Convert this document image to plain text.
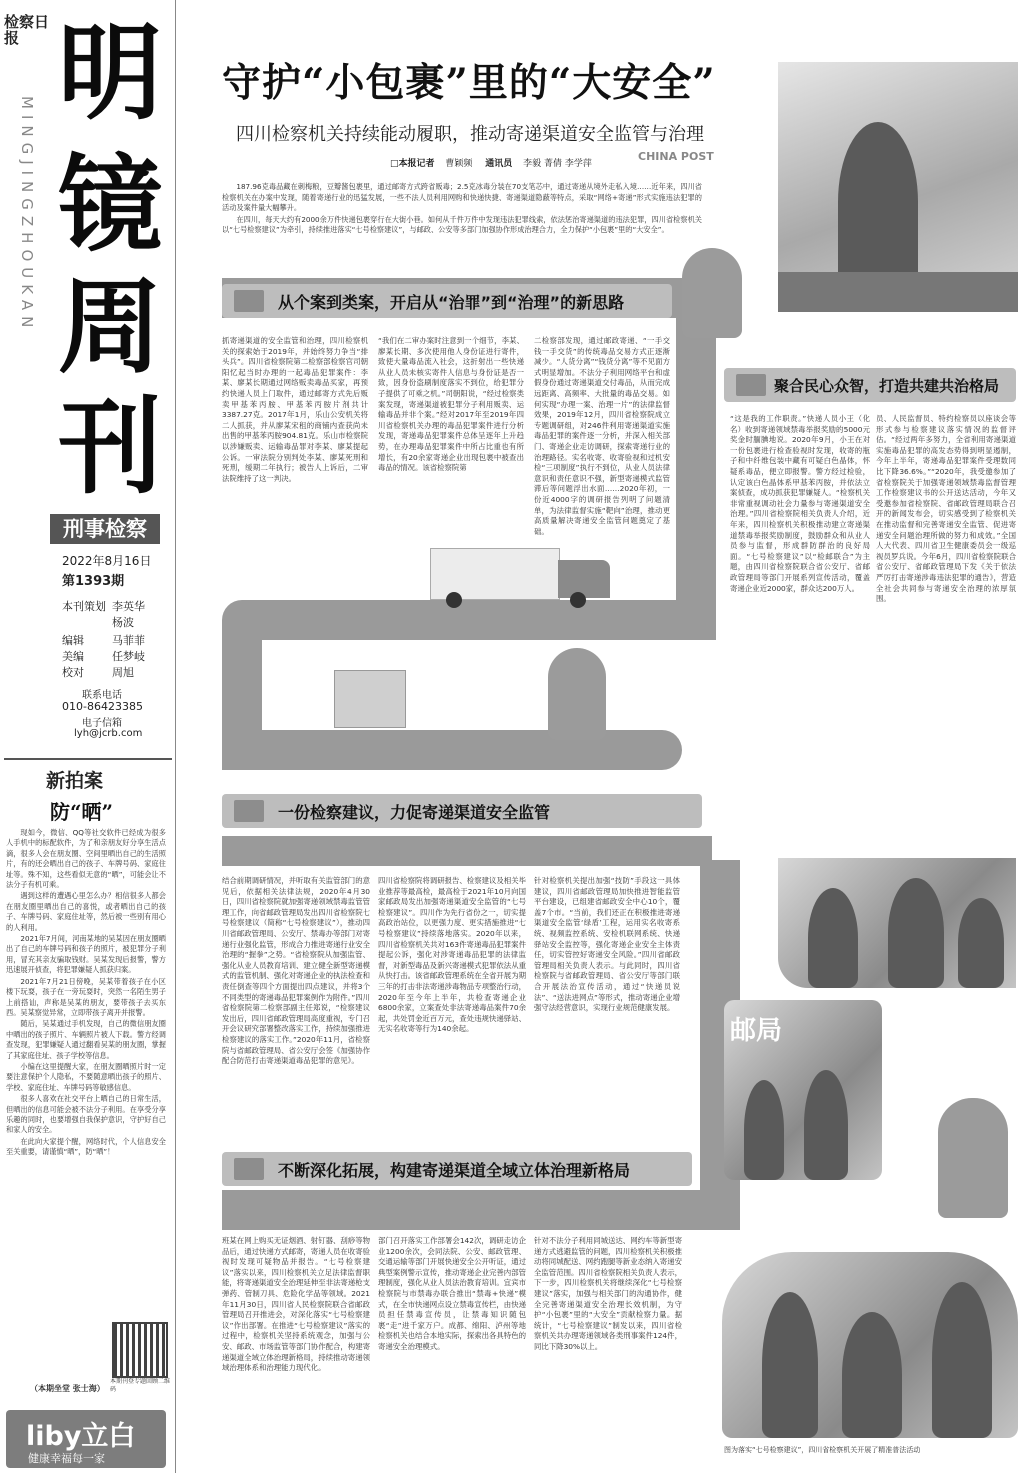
检察日报 明
镜
周
刊
MINGJINGZHOUKAN
刑事检察
2022年8月16日
第1393期
本刊策划 李英华
杨波
编辑	马菲菲
美编	任梦岐
校对	周旭
联系电话
010-86423385
电子信箱
lyh@jcrb.com
新拍案
防“晒”

现如今，微信、QQ等社交软件已经成为很多人手机中的标配软件，为了和亲朋友好分享生活点滴，很多人会在朋友圈、空间里晒出自己的生活照片，有的还会晒出自己的孩子、车牌号码、家庭住址等。殊不知，这些看似无意的“晒”，可能会让不法分子有机可乘。

遇到这样的遭遇心里怎么办？相信很多人都会在朋友圈里晒出自己的喜悦，或者晒出自己的孩子、车牌号码、家庭住址等，然后被一些别有用心的人利用。

2021年7月间，河南某地的吴某因在朋友圈晒出了自己的车牌号码和孩子的照片，被犯罪分子利用，冒充其亲友骗取钱财。吴某发现后报警，警方迅速展开侦查，将犯罪嫌疑人抓获归案。

2021年7月21日傍晚，吴某带着孩子在小区楼下玩耍，孩子在一旁玩耍时，突然一名陌生男子上前搭讪，声称是吴某的朋友，要带孩子去买东西。吴某察觉异常，立即带孩子离开并报警。

随后，吴某通过手机发现，自己的微信朋友圈中晒出的孩子照片、车辆照片被人下载。警方经调查发现，犯罪嫌疑人通过翻看吴某的朋友圈，掌握了其家庭住址、孩子学校等信息。

小编在这里提醒大家，在朋友圈晒照片时一定要注意保护个人隐私，不要随意晒出孩子的照片、学校、家庭住址、车牌号码等敏感信息。

很多人喜欢在社交平台上晒自己的日常生活，但晒出的信息可能会被不法分子利用。在享受分享乐趣的同时，也要增强自我保护意识，守护好自己和家人的安全。

在此向大家提个醒，网络时代，个人信息安全至关重要，请谨慎“晒”，防“晒”！

（本期坐堂 张士海）
本期刊登专题回顾二维码
liby立白
健康幸福每一家
守护“小包裹”里的“大安全”
四川检察机关持续能动履职，推动寄递渠道安全监管与治理
□本报记者 曹颖频 通讯员 李毅 菁倩 李学萍
CHINA POST

187.96克毒品藏在刺梅粮，豆瓣酱包裹里，通过邮寄方式跨省贩毒；2.5克冰毒分装在70支笔芯中，通过寄递从境外走私入境……近年来，四川省检察机关在办案中发现，随着寄递行业的迅猛发展，一些不法人员利用网购和快递快捷、寄递渠道隐蔽等特点，采取“网络+寄递”形式实施违法犯罪的活动及案件量大幅攀升。

在四川，每天大约有2000余万件快递包裹穿行在大街小巷。如何从千件万件中发现违法犯罪线索，依法惩治寄递渠道的违法犯罪，四川省检察机关以“七号检察建议”为牵引，持续推进落实“七号检察建议”，与邮政、公安等多部门加强协作形成治理合力，全力保护“小包裹”里的“大安全”。

从个案到类案，开启从“治罪”到“治理”的新思路
抓寄递渠道的安全监管和治理，四川检察机关的探索始于2019年，并始终努力争当“排头兵”。四川省检察院第二检察部检察官司朝阳忆起当时办理的一起毒品犯罪案件：李某、廖某长期通过网络贩卖毒品买家，再预约快递人员上门取件，通过邮寄方式先后贩卖甲基苯丙胺、甲基苯丙胺片剂共计3387.27克。2017年1月，乐山公安机关将二人抓获，并从廖某宋租的商铺内查获尚未出售的甲基苯丙胺904.81克。乐山市检察院以涉嫌贩卖、运输毒品罪对李某、廖某提起公诉。一审法院分别判处李某、廖某死刑和死刑，缓期二年执行；被告人上诉后，二审法院维持了这一判决。
“我们在二审办案时注意到一个细节，李某、廖某长期、多次使用他人身份证进行寄件，致使大量毒品流入社会，这折射出一些快递从业人员未核实寄件人信息与身份证是否一致，因身份盗刷制度落实不到位，给犯罪分子提供了可乘之机。”司朝阳说，“经过检察类案发现，寄递渠道被犯罪分子利用贩卖、运输毒品并非个案。”经对2017年至2019年四川省检察机关办理的毒品犯罪案件进行分析发现，寄递毒品犯罪案件总体呈逐年上升趋势，在办理毒品犯罪案件中所占比重也有所增长，有20余家寄递企业出现包裹中被查出毒品的情况。该省检察院第
二检察部发现，通过邮政寄递、“一手交钱一手交货”的传统毒品交易方式正逐渐减少。“人货分离”“钱货分离”等不见面方式明显增加。不法分子利用网络平台和虚假身份通过寄递渠道交付毒品，从而完成远距离、高频率、大批量的毒品交易。如何实现“办理一案、治理一片”的法律监督效果，2019年12月，四川省检察院成立专题调研组，对246件利用寄递渠道实施毒品犯罪的案件逐一分析，并深入相关部门、寄递企业走访调研，探索寄递行业的治理路径。实名收寄、收寄验视和过机安检“三项制度”执行不到位，从业人员法律意识和责任意识不强，新型寄递模式监管滞后等问题浮出水面……2020年初，一份近4000字的调研报告列明了问题清单，为法律监督实施“靶向”治理，推动更高质量解决寄递安全监管问题奠定了基础。
聚合民心众智，打造共建共治格局
“这是我的工作职责。”快递人员小王（化名）收到寄递领域禁毒举报奖励的5000元奖金时腼腆地说。2020年9月，小王在对一份包裹进行检查验视时发现，收寄的瓶子和中纤维包装中藏有可疑白色晶体，怀疑系毒品，便立即报警。警方经过检验，认定该白色晶体系甲基苯丙胺，并依法立案侦查，成功抓获犯罪嫌疑人。“检察机关非常重视调动社会力量参与寄递渠道安全治理。”四川省检察院相关负责人介绍，近年来，四川检察机关积极推动建立寄递渠道禁毒举报奖励制度，鼓励群众和从业人员参与监督，形成群防群治的良好局面。“七号检察建议”以“检邮联合”为主题，由四川省检察院联合省公安厅、省邮政管理局等部门开展系列宣传活动，覆盖寄递企业近2000家，群众达200万人。
员、人民监督员、特约检察员以座谈会等形式参与检察建议落实情况的监督评估。“经过两年多努力，全省利用寄递渠道实施毒品犯罪的高发态势得到明显遏制，今年上半年，寄递毒品犯罪案件受理数同比下降36.6%。”“2020年，我受邀参加了省检察院关于加强寄递领域禁毒监督管理工作检察建议书的公开送达活动，今年又受邀参加省检察院、省邮政管理局联合召开的新闻发布会，切实感受到了检察机关在推动监督和完善寄递安全监管、促进寄递安全问题治理所做的努力和成效。”全国人大代表、四川省卫生健康委员会一级巡视员罗兵说。今年6月，四川省检察院联合省公安厅、省邮政管理局下发《关于依法严厉打击寄递涉毒违法犯罪的通告》，营造全社会共同参与寄递安全治理的浓厚氛围。
一份检察建议，力促寄递渠道安全监管
结合前期调研情况，并听取有关监管部门的意见后，依据相关法律法规，2020年4月30日，四川省检察院就加强寄递领域禁毒监管管理工作，向省邮政管理局发出四川省检察院七号检察建议（简称“七号检察建议”），推动四川省邮政管理局、公安厅、禁毒办等部门对寄递行业强化监管，形成合力推进寄递行业安全治理的“握拳”之势。“省检察院从加强监管、强化从业人员教育培训、建立健全新型寄递模式的监管机制、强化对寄递企业的执法检查和责任倒查等四个方面提出四点建议，并将3个不同类型的寄递毒品犯罪案例作为附件。”四川省检察院第二检察部副主任郑说，“检察建议发出后，四川省邮政管理局高度重视，专门召开会议研究部署整改落实工作，持续加强推进检察建议的落实工作。”2020年11月，省检察院与省邮政管理局、省公安厅会签《加强协作配合防范打击寄递渠道毒品犯罪的意见》。
四川省检察院将调研报告、检察建议及相关毕业推荐等最高检，最高检于2021年10月向国家邮政局发出加强寄递渠道安全监管的“七号检察建议”。四川作为先行省份之一，切实提高政治站位，以更强力度、更实措施推进“七号检察建议”持续落地落实。2020年以来，四川省检察机关共对163件寄递毒品犯罪案件提起公诉，强化对涉寄递毒品犯罪的法律监督，对新型毒品及新兴寄递模式犯罪依法从重从快打击。该省邮政管理系统在全省开展为期三年的打击非法寄递涉毒物品专项整治行动，2020年至今年上半年，共检查寄递企业6800余家，立案查处非法寄递毒品案件70余起，共处罚金近百万元，查处违规快递驿站、无实名收寄等行为140余起。
针对检察机关提出加强“技防”手段这一具体建议，四川省邮政管理局加快推进智能监管平台建设，已组建省邮政安全中心10个，覆盖7个市。“当前，我们还正在积极推进寄递渠道安全监管‘绿盾’工程，运用实名收寄系统、视频监控系统、安检机联网系统、快递驿站安全监控等，强化寄递企业安全主体责任，切实管控好寄递安全风险。”四川省邮政管理局相关负责人表示。与此同时，四川省检察院与省邮政管理局、省公安厅等部门联合开展法治宣传活动，通过“快递员说法”、“送法进网点”等形式，推动寄递企业增强守法经营意识，实现行业规范健康发展。
不断深化拓展，构建寄递渠道全域立体治理新格局
班某在网上购买无证烟酒、射钉器、刮痧等物品后，通过快递方式邮寄，寄递人员在收寄验视时发现可疑物品并报告。“七号检察建议”落实以来，四川检察机关立足法律监督职能，将寄递渠道安全治理延伸至非法寄递枪支弹药、管制刀具、危险化学品等领域。2021年11月30日，四川省人民检察院联合省邮政管理局召开推进会，对深化落实“七号检察建议”作出部署。在推进“七号检察建议”落实的过程中，检察机关坚持系统观念，加强与公安、邮政、市场监管等部门协作配合，构建寄递渠道全域立体治理新格局，持续推动寄递领域治理体系和治理能力现代化。
部门召开落实工作部署会142次，调研走访企业1200余次，会同法院、公安、邮政管理、交通运输等部门开展快递安全公开听证，通过典型案例警示宣传，推动寄递企业完善内部管理制度，强化从业人员法治教育培训。宜宾市检察院与市禁毒办联合推出“禁毒+快递”模式，在全市快递网点设立禁毒宣传栏，由快递员担任禁毒宣传员，让禁毒知识随包裹“走”进千家万户。成都、绵阳、泸州等地检察机关也结合本地实际，探索出各具特色的寄递安全治理模式。
针对不法分子利用同城送达、网约车等新型寄递方式逃避监管的问题，四川检察机关积极推动将同城配送、网约跑腿等新业态纳入寄递安全监管范围。四川省检察院相关负责人表示，下一步，四川检察机关将继续深化“七号检察建议”落实，加强与相关部门的沟通协作，健全完善寄递渠道安全治理长效机制，为守护“小包裹”里的“大安全”贡献检察力量。据统计，“七号检察建议”制发以来，四川省检察机关共办理寄递领域各类刑事案件124件，同比下降30%以上。
邮局
图为落实“七号检察建议”，四川省检察机关开展了精准普法活动
